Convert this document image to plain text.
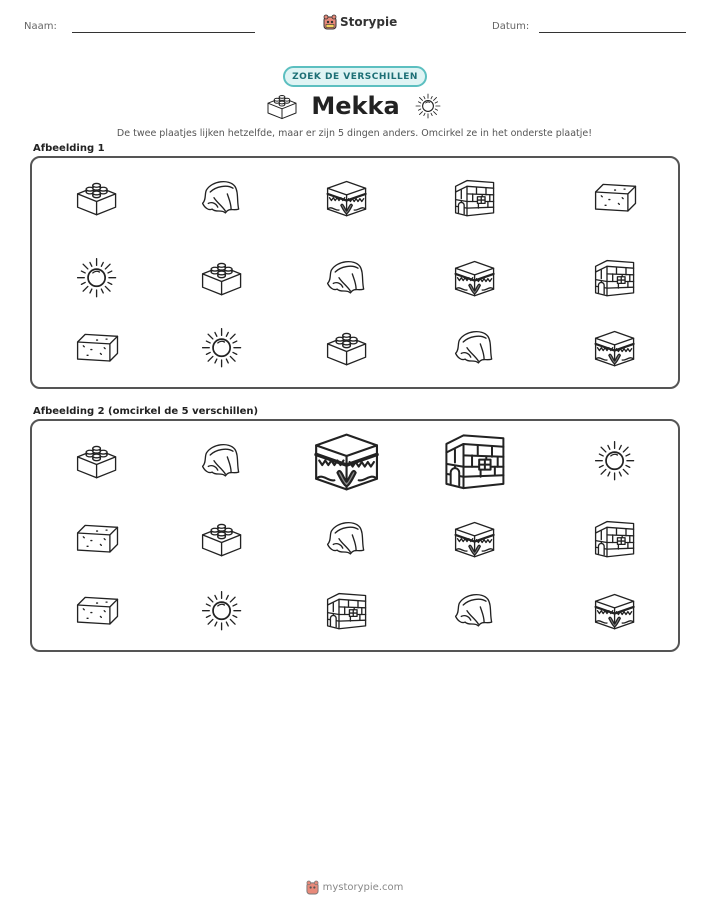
Naam:	Storypie	Datum:
ZOEK DE VERSCHILLEN
Mekka
De twee plaatjes lijken hetzelfde, maar er zijn 5 dingen anders. Omcirkel ze in het onderste plaatje!
Afbeelding 1
Afbeelding 2 (omcirkel de 5 verschillen)
mystorypie.com
